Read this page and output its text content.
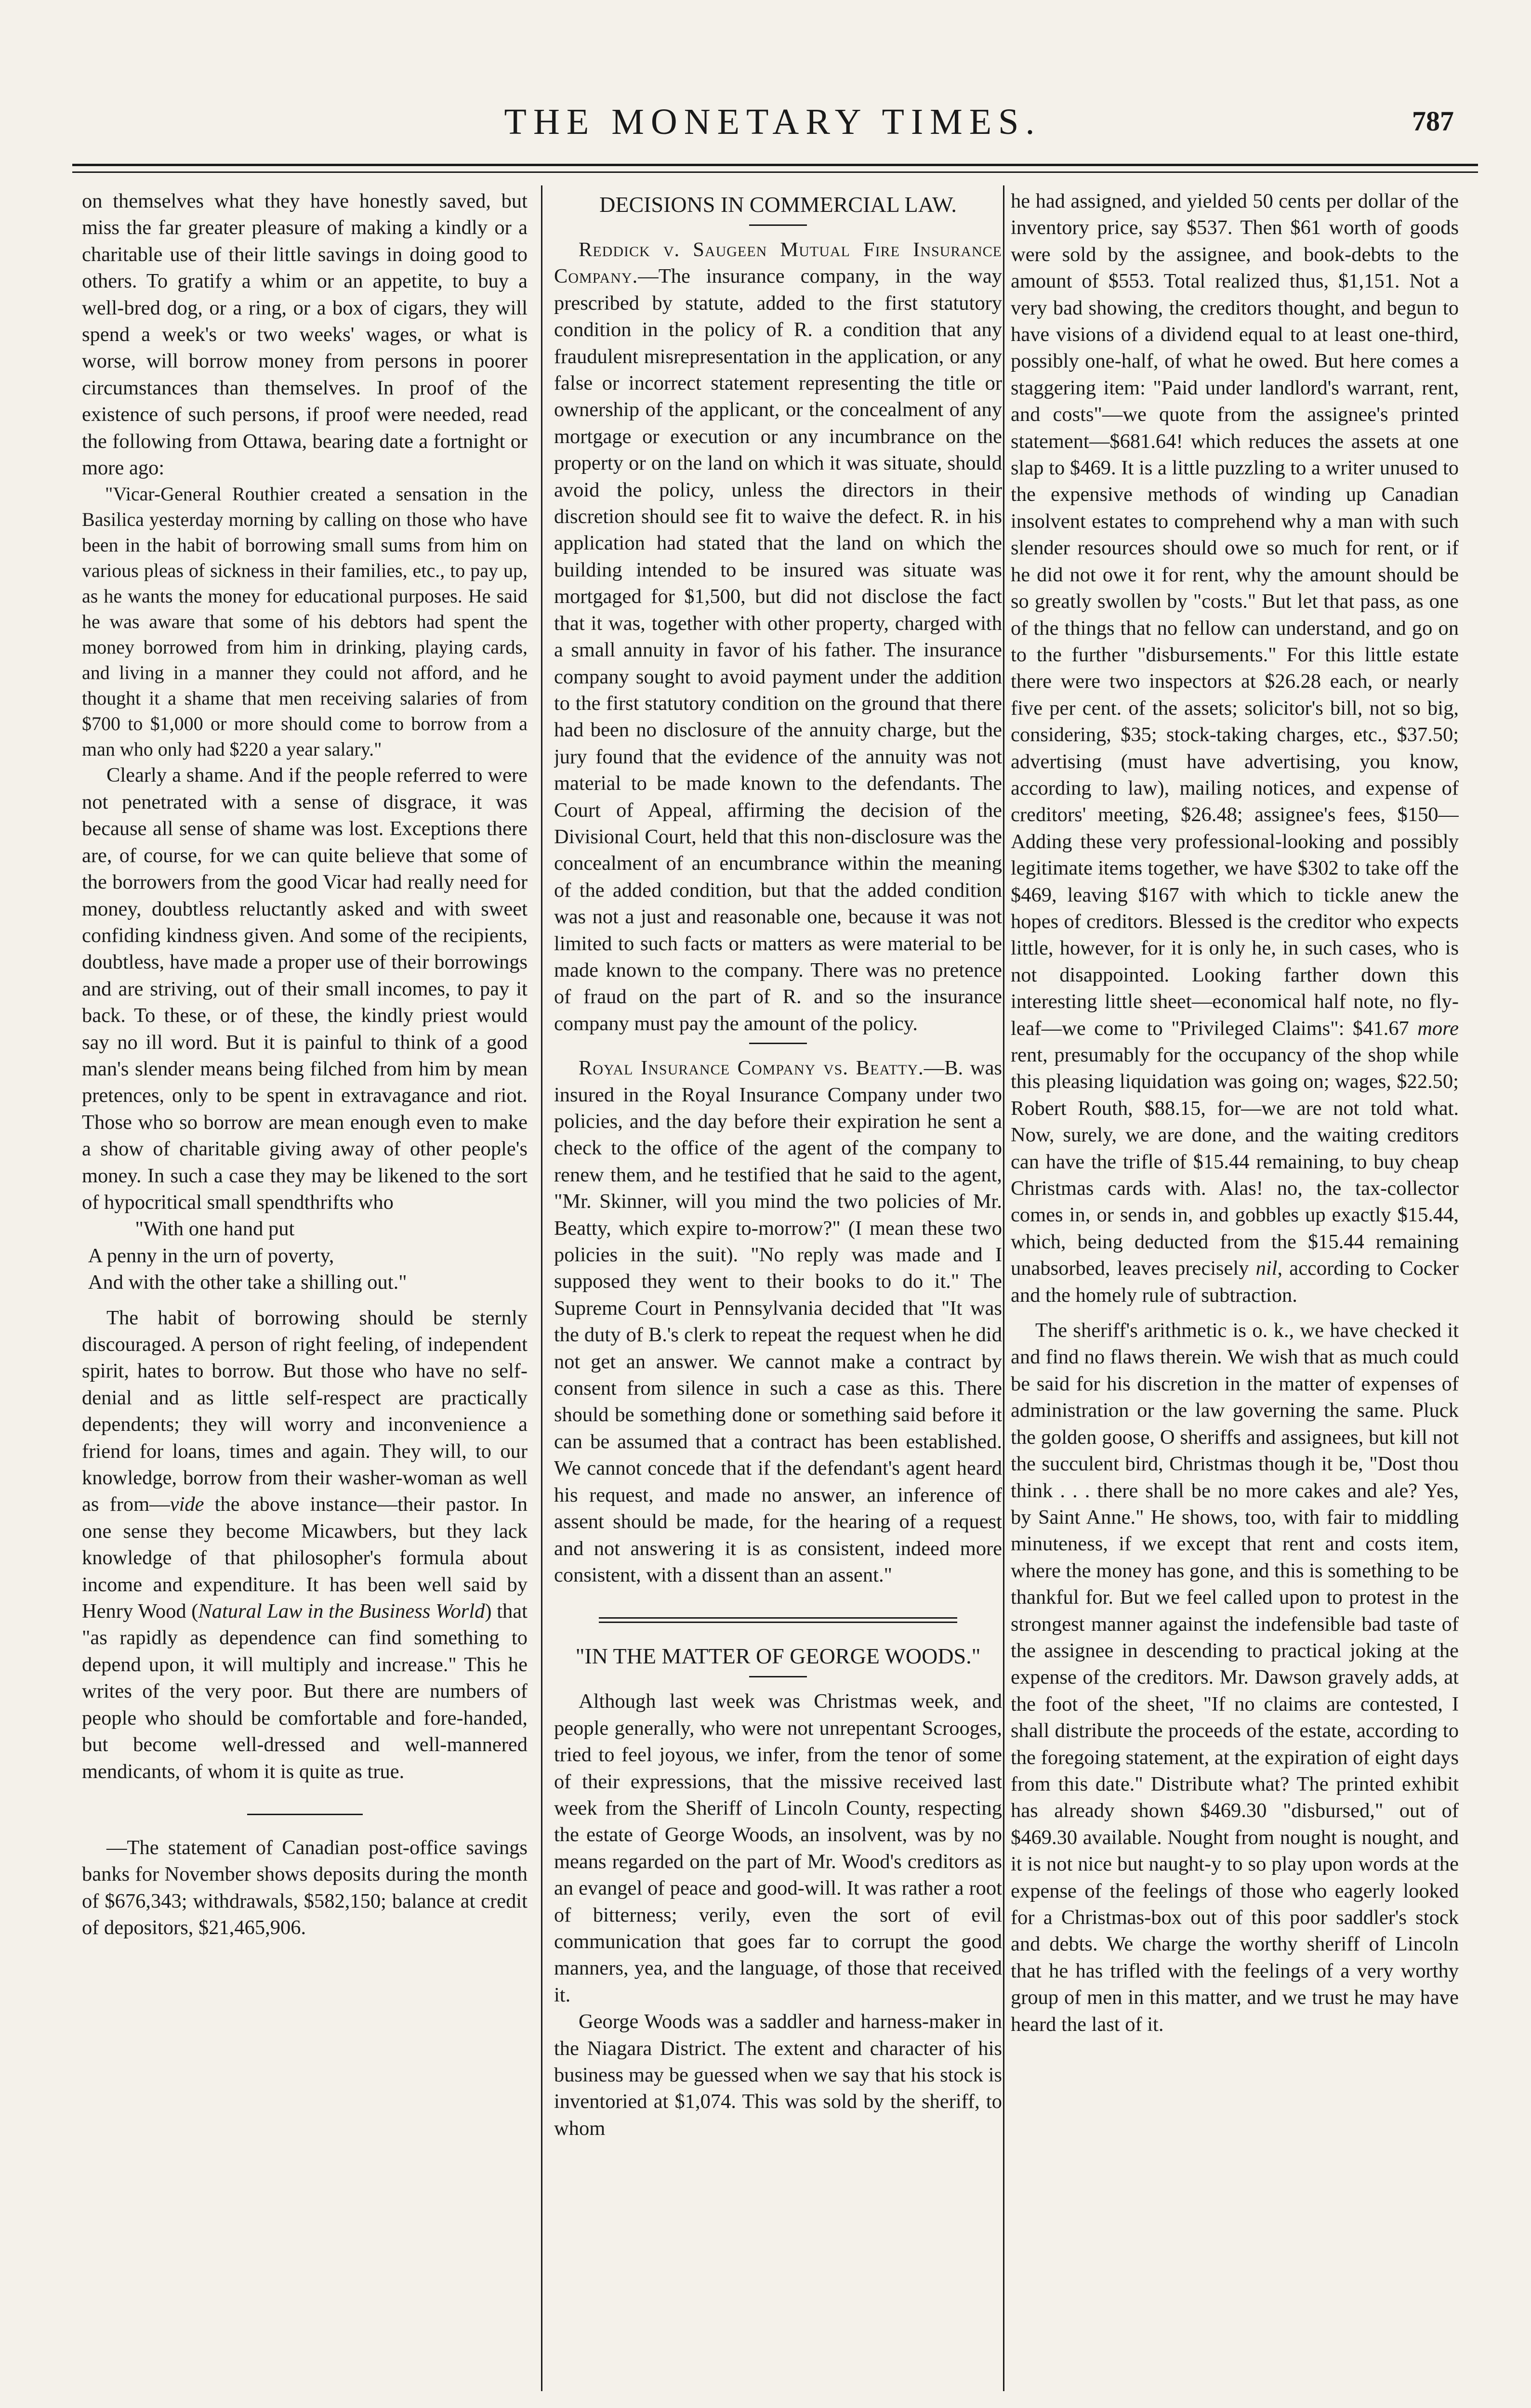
THE MONETARY TIMES.	787

on themselves what they have honestly saved, but miss the far greater pleasure of making a kindly or a charitable use of their little savings in doing good to others. To gratify a whim or an appetite, to buy a well-bred dog, or a ring, or a box of cigars, they will spend a week's or two weeks' wages, or what is worse, will borrow money from persons in poorer circumstances than themselves. In proof of the existence of such persons, if proof were needed, read the following from Ottawa, bearing date a fortnight or more ago:

"Vicar-General Routhier created a sensation in the Basilica yesterday morning by calling on those who have been in the habit of borrowing small sums from him on various pleas of sickness in their families, etc., to pay up, as he wants the money for educational purposes. He said he was aware that some of his debtors had spent the money borrowed from him in drinking, playing cards, and living in a manner they could not afford, and he thought it a shame that men receiving salaries of from $700 to $1,000 or more should come to borrow from a man who only had $220 a year salary."

Clearly a shame. And if the people referred to were not penetrated with a sense of disgrace, it was because all sense of shame was lost. Exceptions there are, of course, for we can quite believe that some of the borrowers from the good Vicar had really need for money, doubtless reluctantly asked and with sweet confiding kindness given. And some of the recipients, doubtless, have made a proper use of their borrowings and are striving, out of their small incomes, to pay it back. To these, or of these, the kindly priest would say no ill word. But it is painful to think of a good man's slender means being filched from him by mean pretences, only to be spent in extravagance and riot. Those who so borrow are mean enough even to make a show of charitable giving away of other people's money. In such a case they may be likened to the sort of hypocritical small spendthrifts who

"With one hand put

A penny in the urn of poverty,

And with the other take a shilling out."

The habit of borrowing should be sternly discouraged. A person of right feeling, of independent spirit, hates to borrow. But those who have no self-denial and as little self-respect are practically dependents; they will worry and inconvenience a friend for loans, times and again. They will, to our knowledge, borrow from their washer-woman as well as from—vide the above instance—their pastor. In one sense they become Micawbers, but they lack knowledge of that philosopher's formula about income and expenditure. It has been well said by Henry Wood (Natural Law in the Business World) that "as rapidly as dependence can find something to depend upon, it will multiply and increase." This he writes of the very poor. But there are numbers of people who should be comfortable and fore-handed, but become well-dressed and well-mannered mendicants, of whom it is quite as true.

—The statement of Canadian post-office savings banks for November shows deposits during the month of $676,343; withdrawals, $582,150; balance at credit of depositors, $21,465,906.

DECISIONS IN COMMERCIAL LAW.

Reddick v. Saugeen Mutual Fire Insurance Company.—The insurance company, in the way prescribed by statute, added to the first statutory condition in the policy of R. a condition that any fraudulent misrepresentation in the application, or any false or incorrect statement representing the title or ownership of the applicant, or the concealment of any mortgage or execution or any incumbrance on the property or on the land on which it was situate, should avoid the policy, unless the directors in their discretion should see fit to waive the defect. R. in his application had stated that the land on which the building intended to be insured was situate was mortgaged for $1,500, but did not disclose the fact that it was, together with other property, charged with a small annuity in favor of his father. The insurance company sought to avoid payment under the addition to the first statutory condition on the ground that there had been no disclosure of the annuity charge, but the jury found that the evidence of the annuity was not material to be made known to the defendants. The Court of Appeal, affirming the decision of the Divisional Court, held that this non-disclosure was the concealment of an encumbrance within the meaning of the added condition, but that the added condition was not a just and reasonable one, because it was not limited to such facts or matters as were material to be made known to the company. There was no pretence of fraud on the part of R. and so the insurance company must pay the amount of the policy.

Royal Insurance Company vs. Beatty.—B. was insured in the Royal Insurance Company under two policies, and the day before their expiration he sent a check to the office of the agent of the company to renew them, and he testified that he said to the agent, "Mr. Skinner, will you mind the two policies of Mr. Beatty, which expire to-morrow?" (I mean these two policies in the suit). "No reply was made and I supposed they went to their books to do it." The Supreme Court in Pennsylvania decided that "It was the duty of B.'s clerk to repeat the request when he did not get an answer. We cannot make a contract by consent from silence in such a case as this. There should be something done or something said before it can be assumed that a contract has been established. We cannot concede that if the defendant's agent heard his request, and made no answer, an inference of assent should be made, for the hearing of a request and not answering it is as consistent, indeed more consistent, with a dissent than an assent."

"IN THE MATTER OF GEORGE WOODS."

Although last week was Christmas week, and people generally, who were not unrepentant Scrooges, tried to feel joyous, we infer, from the tenor of some of their expressions, that the missive received last week from the Sheriff of Lincoln County, respecting the estate of George Woods, an insolvent, was by no means regarded on the part of Mr. Wood's creditors as an evangel of peace and good-will. It was rather a root of bitterness; verily, even the sort of evil communication that goes far to corrupt the good manners, yea, and the language, of those that received it.

George Woods was a saddler and harness-maker in the Niagara District. The extent and character of his business may be guessed when we say that his stock is inventoried at $1,074. This was sold by the sheriff, to whom

he had assigned, and yielded 50 cents per dollar of the inventory price, say $537. Then $61 worth of goods were sold by the assignee, and book-debts to the amount of $553. Total realized thus, $1,151. Not a very bad showing, the creditors thought, and begun to have visions of a dividend equal to at least one-third, possibly one-half, of what he owed. But here comes a staggering item: "Paid under landlord's warrant, rent, and costs"—we quote from the assignee's printed statement—$681.64! which reduces the assets at one slap to $469. It is a little puzzling to a writer unused to the expensive methods of winding up Canadian insolvent estates to comprehend why a man with such slender resources should owe so much for rent, or if he did not owe it for rent, why the amount should be so greatly swollen by "costs." But let that pass, as one of the things that no fellow can understand, and go on to the further "disbursements." For this little estate there were two inspectors at $26.28 each, or nearly five per cent. of the assets; solicitor's bill, not so big, considering, $35; stock-taking charges, etc., $37.50; advertising (must have advertising, you know, according to law), mailing notices, and expense of creditors' meeting, $26.48; assignee's fees, $150—Adding these very professional-looking and possibly legitimate items together, we have $302 to take off the $469, leaving $167 with which to tickle anew the hopes of creditors. Blessed is the creditor who expects little, however, for it is only he, in such cases, who is not disappointed. Looking farther down this interesting little sheet—economical half note, no fly-leaf—we come to "Privileged Claims": $41.67 more rent, presumably for the occupancy of the shop while this pleasing liquidation was going on; wages, $22.50; Robert Routh, $88.15, for—we are not told what. Now, surely, we are done, and the waiting creditors can have the trifle of $15.44 remaining, to buy cheap Christmas cards with. Alas! no, the tax-collector comes in, or sends in, and gobbles up exactly $15.44, which, being deducted from the $15.44 remaining unabsorbed, leaves precisely nil, according to Cocker and the homely rule of subtraction.

The sheriff's arithmetic is o. k., we have checked it and find no flaws therein. We wish that as much could be said for his discretion in the matter of expenses of administration or the law governing the same. Pluck the golden goose, O sheriffs and assignees, but kill not the succulent bird, Christmas though it be, "Dost thou think . . . there shall be no more cakes and ale? Yes, by Saint Anne." He shows, too, with fair to middling minuteness, if we except that rent and costs item, where the money has gone, and this is something to be thankful for. But we feel called upon to protest in the strongest manner against the indefensible bad taste of the assignee in descending to practical joking at the expense of the creditors. Mr. Dawson gravely adds, at the foot of the sheet, "If no claims are contested, I shall distribute the proceeds of the estate, according to the foregoing statement, at the expiration of eight days from this date." Distribute what? The printed exhibit has already shown $469.30 "disbursed," out of $469.30 available. Nought from nought is nought, and it is not nice but naught-y to so play upon words at the expense of the feelings of those who eagerly looked for a Christmas-box out of this poor saddler's stock and debts. We charge the worthy sheriff of Lincoln that he has trifled with the feelings of a very worthy group of men in this matter, and we trust he may have heard the last of it.
